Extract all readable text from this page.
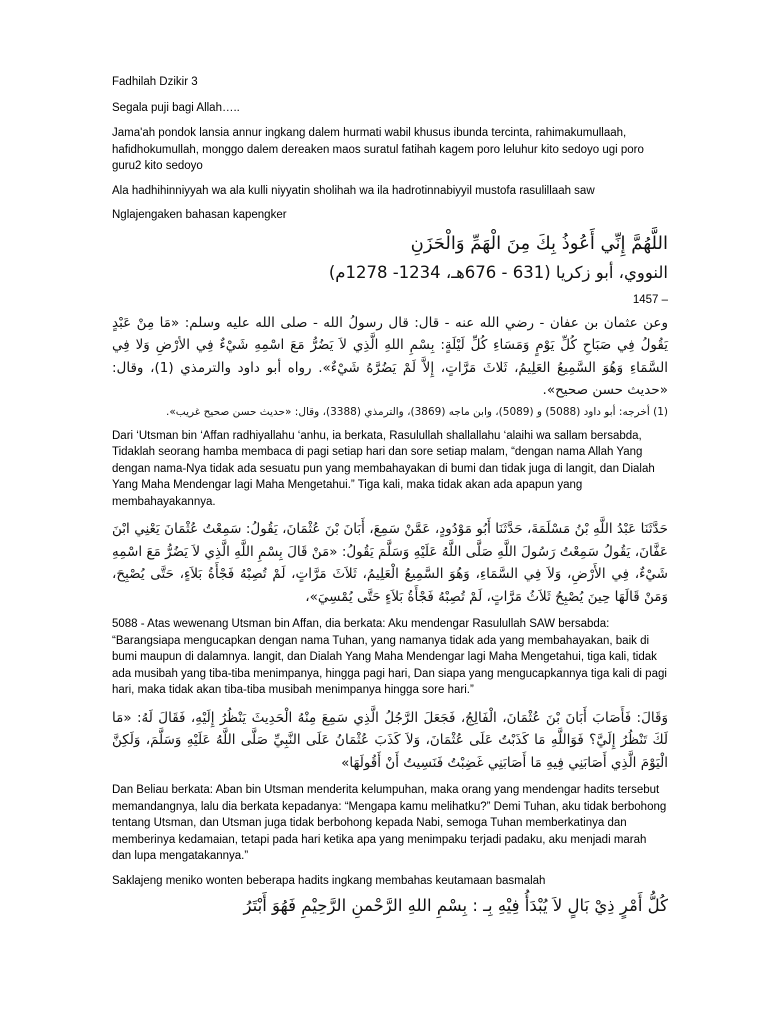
Fadhilah Dzikir 3

Segala puji bagi Allah…..

Jama'ah pondok lansia annur ingkang dalem hurmati wabil khusus ibunda tercinta, rahimakumullaah, hafidhokumullah, monggo dalem dereaken maos suratul fatihah kagem poro leluhur kito sedoyo ugi poro guru2 kito sedoyo

Ala hadhihinniyyah wa ala kulli niyyatin sholihah wa ila hadrotinnabiyyil mustofa rasulillaah saw

Nglajengaken bahasan kapengker

اللَّهُمَّ إِنِّي أَعُوذُ بِكَ مِنَ الْهَمِّ وَالْحَزَنِ

النووي، أبو زكريا (631 - 676هـ، 1234- 1278م)

1457 –

وعن عثمان بن عفان - رضي الله عنه - قال: قال رسولُ الله - صلى الله عليه وسلم: «مَا مِنْ عَبْدٍ يَقُولُ فِي صَبَاحِ كُلِّ يَوْمٍ وَمَسَاءِ كُلِّ لَيْلَةٍ: بِسْمِ اللهِ الَّذِي لاَ يَضُرُّ مَعَ اسْمِهِ شَيْءٌ فِي الأرْضِ وَلا فِي السَّمَاءِ وَهُوَ السَّمِيعُ العَلِيمُ، ثَلاثَ مَرَّاتٍ، إِلاَّ لَمْ يَضُرَّهُ شَيْءٌ». رواه أبو داود والترمذي (1)، وقال: «حديث حسن صحيح».

(1) أخرجه: أبو داود (5088) و (5089)، وابن ماجه (3869)، والترمذي (3388)، وقال: «حديث حسن صحيح غريب».

Dari ‘Utsman bin ‘Affan radhiyallahu ‘anhu, ia berkata, Rasulullah shallallahu ‘alaihi wa sallam bersabda, Tidaklah seorang hamba membaca di pagi setiap hari dan sore setiap malam, “dengan nama Allah Yang dengan nama-Nya tidak ada sesuatu pun yang membahayakan di bumi dan tidak juga di langit, dan Dialah Yang Maha Mendengar lagi Maha Mengetahui.” Tiga kali, maka tidak akan ada apapun yang membahayakannya.

حَدَّثَنَا عَبْدُ اللَّهِ بْنُ مَسْلَمَةَ، حَدَّثَنَا أَبُو مَوْدُودٍ، عَمَّنْ سَمِعَ، أَبَانَ بْنَ عُثْمَانَ، يَقُولُ: سَمِعْتُ عُثْمَانَ يَعْنِي ابْنَ عَفَّانَ، يَقُولُ سَمِعْتُ رَسُولَ اللَّهِ صَلَّى اللَّهُ عَلَيْهِ وَسَلَّمَ يَقُولُ: «مَنْ قَالَ بِسْمِ اللَّهِ الَّذِي لاَ يَضُرُّ مَعَ اسْمِهِ شَيْءٌ، فِي الأَرْضِ، وَلاَ فِي السَّمَاءِ، وَهُوَ السَّمِيعُ الْعَلِيمُ، ثَلاَثَ مَرَّاتٍ، لَمْ تُصِبْهُ فَجْأَةُ بَلاَءٍ، حَتَّى يُصْبِحَ، وَمَنْ قَالَهَا حِينَ يُصْبِحُ ثَلاَثُ مَرَّاتٍ، لَمْ تُصِبْهُ فَجْأَةُ بَلاَءٍ حَتَّى يُمْسِيَ»،

5088 - Atas wewenang Utsman bin Affan, dia berkata: Aku mendengar Rasulullah SAW bersabda: “Barangsiapa mengucapkan dengan nama Tuhan, yang namanya tidak ada yang membahayakan, baik di bumi maupun di dalamnya. langit, dan Dialah Yang Maha Mendengar lagi Maha Mengetahui, tiga kali, tidak ada musibah yang tiba-tiba menimpanya, hingga pagi hari, Dan siapa yang mengucapkannya tiga kali di pagi hari, maka tidak akan tiba-tiba musibah menimpanya hingga sore hari.”

وَقَالَ: فَأَصَابَ أَبَانَ بْنَ عُثْمَانَ، الْفَالِجُ، فَجَعَلَ الرَّجُلُ الَّذِي سَمِعَ مِنْهُ الْحَدِيثَ يَنْظُرُ إِلَيْهِ، فَقَالَ لَهُ: «مَا لَكَ تَنْظُرُ إِلَيَّ؟ فَوَاللَّهِ مَا كَذَبْتُ عَلَى عُثْمَانَ، وَلاَ كَذَبَ عُثْمَانُ عَلَى النَّبِيِّ صَلَّى اللَّهُ عَلَيْهِ وَسَلَّمَ، وَلَكِنَّ الْيَوْمَ الَّذِي أَصَابَنِي فِيهِ مَا أَصَابَنِي غَضِبْتُ فَنَسِيتُ أَنْ أَقُولَهَا»

Dan Beliau berkata: Aban bin Utsman menderita kelumpuhan, maka orang yang mendengar hadits tersebut memandangnya, lalu dia berkata kepadanya: “Mengapa kamu melihatku?” Demi Tuhan, aku tidak berbohong tentang Utsman, dan Utsman juga tidak berbohong kepada Nabi, semoga Tuhan memberkatinya dan memberinya kedamaian, tetapi pada hari ketika apa yang menimpaku terjadi padaku, aku menjadi marah dan lupa mengatakannya.”

Saklajeng meniko wonten beberapa hadits ingkang membahas keutamaan basmalah

كُلُّ أَمْرٍ ذِيْ بَالٍ لاَ يُبْدَأُ فِيْهِ بِـ : بِسْمِ اللهِ الرَّحْمنِ الرَّحِيْمِ فَهُوَ أَبْتَرُ
